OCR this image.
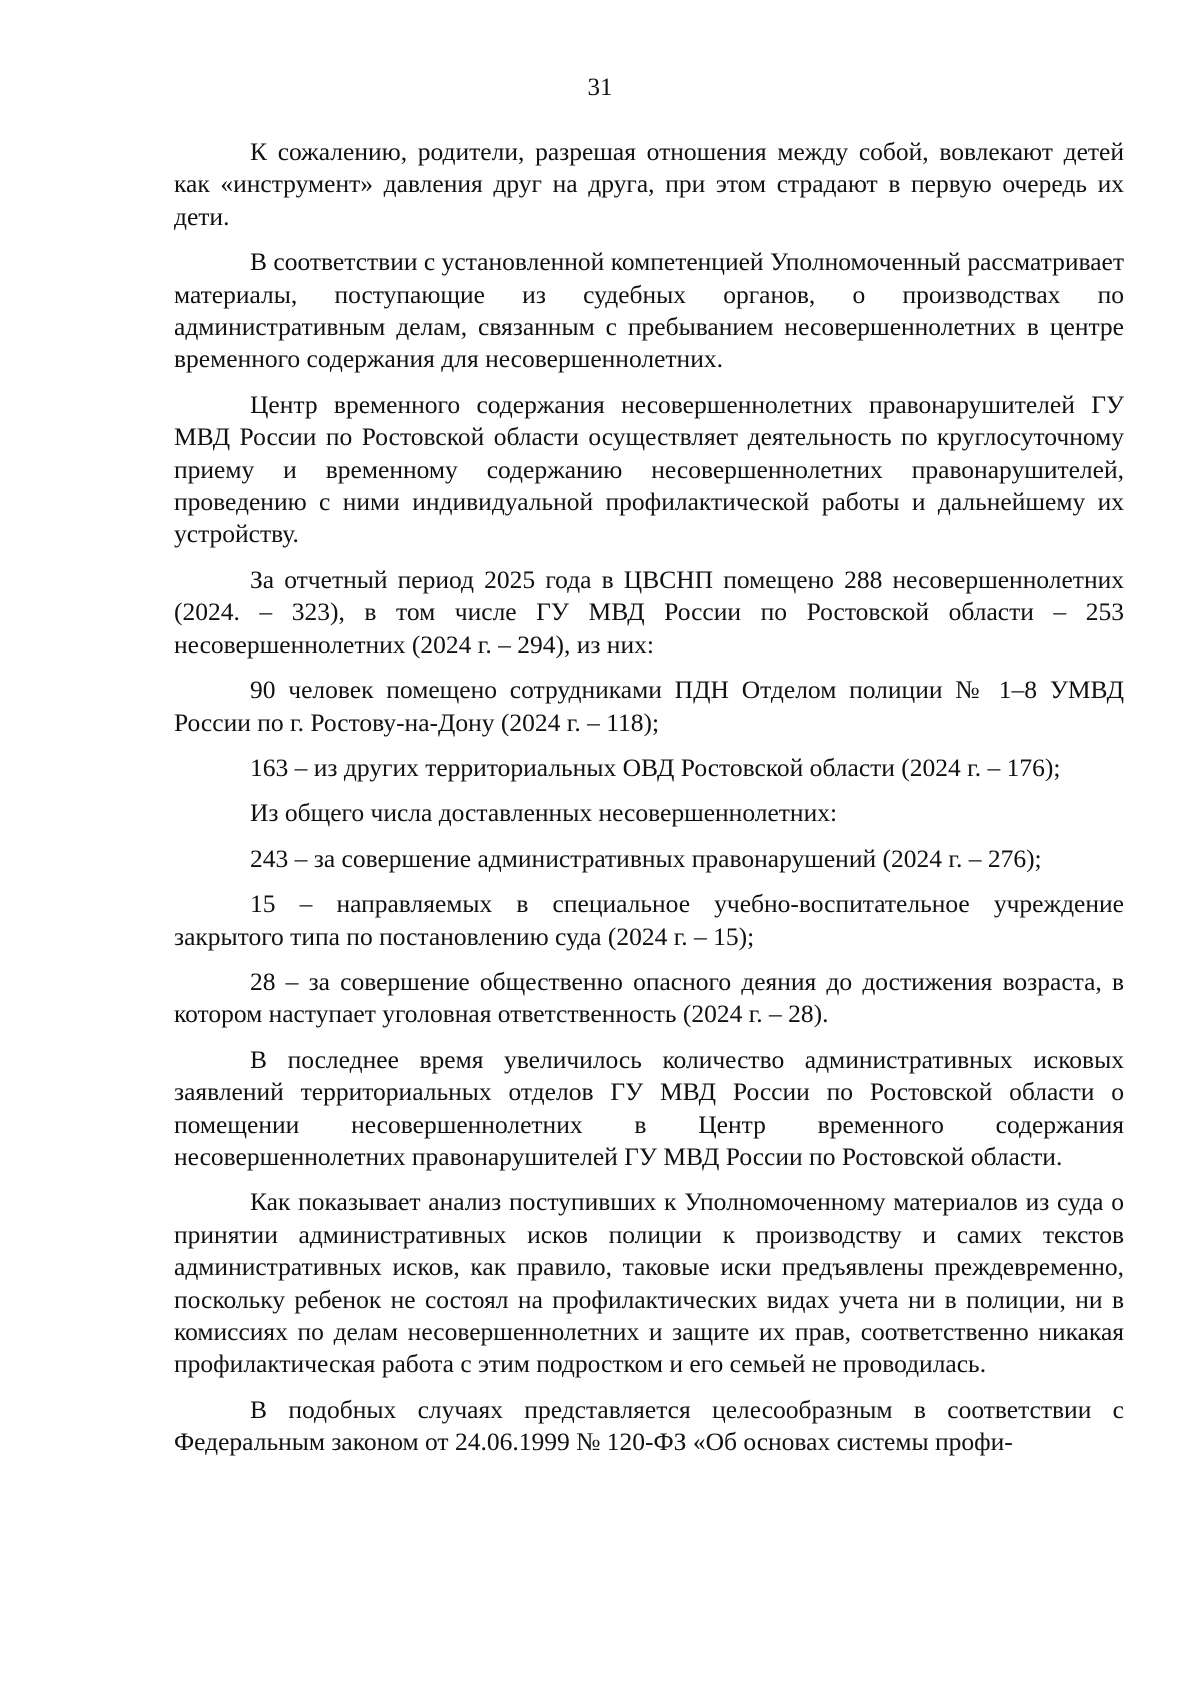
31

К сожалению, родители, разрешая отношения между собой, вовлекают детей как «инструмент» давления друг на друга, при этом страдают в первую очередь их дети.

В соответствии с установленной компетенцией Уполномоченный рассматривает материалы, поступающие из судебных органов, о производствах по административным делам, связанным с пребыванием несовершеннолетних в центре временного содержания для несовершеннолетних.

Центр временного содержания несовершеннолетних правонарушителей ГУ МВД России по Ростовской области осуществляет деятельность по круглосуточному приему и временному содержанию несовершеннолетних правонарушителей, проведению с ними индивидуальной профилактической работы и дальнейшему их устройству.

За отчетный период 2025 года в ЦВСНП помещено 288 несовершеннолетних (2024. – 323), в том числе ГУ МВД России по Ростовской области – 253 несовершеннолетних (2024 г. – 294), из них:

90 человек помещено сотрудниками ПДН Отделом полиции № 1–8 УМВД России по г. Ростову-на-Дону (2024 г. – 118);

163 – из других территориальных ОВД Ростовской области (2024 г. – 176);

Из общего числа доставленных несовершеннолетних:

243 – за совершение административных правонарушений (2024 г. – 276);

15 – направляемых в специальное учебно-воспитательное учреждение закрытого типа по постановлению суда (2024 г. – 15);

28 – за совершение общественно опасного деяния до достижения возраста, в котором наступает уголовная ответственность (2024 г. – 28).

В последнее время увеличилось количество административных исковых заявлений территориальных отделов ГУ МВД России по Ростовской области о помещении несовершеннолетних в Центр временного содержания несовершеннолетних правонарушителей ГУ МВД России по Ростовской области.

Как показывает анализ поступивших к Уполномоченному материалов из суда о принятии административных исков полиции к производству и самих текстов административных исков, как правило, таковые иски предъявлены преждевременно, поскольку ребенок не состоял на профилактических видах учета ни в полиции, ни в комиссиях по делам несовершеннолетних и защите их прав, соответственно никакая профилактическая работа с этим подростком и его семьей не проводилась.

В подобных случаях представляется целесообразным в соответствии с Федеральным законом от 24.06.1999 № 120-ФЗ «Об основах системы профи-
